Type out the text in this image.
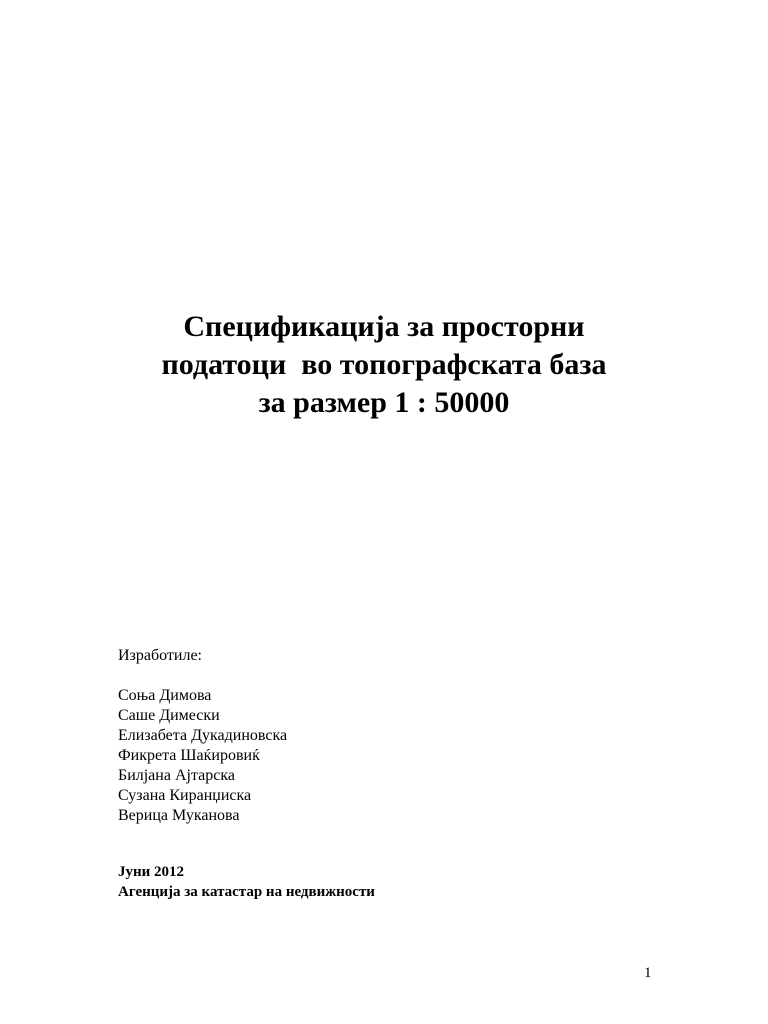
Спецификација за просторни
податоци  во топографската база
за размер 1 : 50000
Изработиле:
Соња Димова
Саше Димески
Елизабета Дукадиновска
Фикрета Шаќировиќ
Билјана Ајтарска
Сузана Киранџиска
Верица Муканова
Јуни 2012
Агенција за катастар на недвижности
1
